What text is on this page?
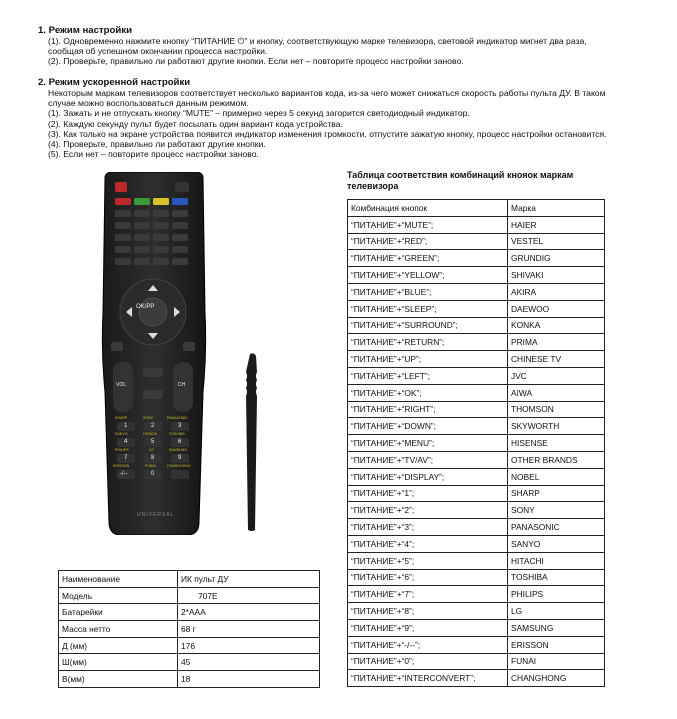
1. Режим настройки
(1). Одновременно нажмите кнопку “ПИТАНИЕ ⏻” и кнопку, соответствующую марке телевизора, световой индикатор мигнет два раза,
сообщая об успешном окончании процесса настройки.
(2). Проверьте, правильно ли работают другие кнопки. Если нет – повторите процесс настройки заново.
2. Режим ускоренной настройки
Некоторым маркам телевизоров соответствует несколько вариантов кода, из-за чего может снижаться скорость работы пульта ДУ. В таком
случае можно воспользоваться данным режимом.
(1). Зажать и не отпускать кнопку “MUTE” – примерно через 5 секунд загорится светодиодный индикатор.
(2). Каждую секунду пульт будет посылать один вариант кода устройства.
(3). Как только на экране устройства появится индикатор изменения громкости, отпустите зажатую кнопку, процесс настройки остановится.
(4). Проверьте, правильно ли работают другие кнопки.
(5). Если нет – повторите процесс настройки заново.
OK/PP
VOL	CH
SHARP	SONY	PANASONIC
SANYO	HITACHI	TOSHIBA
PHILIPS	LG	SAMSUNG
ERISSON	FUNAI	CHANGHONG
1	2	3
4	5	6
7	8	9
-/--	0
UNIVERSAL
Таблица соответствия комбинаций кнояок маркам телевизора
Комбинация кнопок	Марка
“ПИТАНИЕ”+“MUTE”;	HAIER
“ПИТАНИЕ”+“RED”;	VESTEL
“ПИТАНИЕ”+“GREEN”;	GRUNDIG
“ПИТАНИЕ”+“YELLOW”;	SHIVAKI
“ПИТАНИЕ”+“BLUE”;	AKIRA
“ПИТАНИЕ”+“SLEEP”;	DAEWOO
“ПИТАНИЕ”+“SURROUND”;	KONKA
“ПИТАНИЕ”+“RETURN”;	PRIMA
“ПИТАНИЕ”+“UP”;	CHINESE TV
“ПИТАНИЕ”+“LEFT”;	JVC
“ПИТАНИЕ”+“OK”;	AIWA
“ПИТАНИЕ”+“RIGHT”;	THOMSON
“ПИТАНИЕ”+“DOWN”;	SKYWORTH
“ПИТАНИЕ”+“MENU”;	HISENSE
“ПИТАНИЕ”+“TV/AV”;	OTHER BRANDS
“ПИТАНИЕ”+“DISPLAY”;	NOBEL
“ПИТАНИЕ”+“1”;	SHARP
“ПИТАНИЕ”+“2”;	SONY
“ПИТАНИЕ”+“3”;	PANASONIC
“ПИТАНИЕ”+“4”;	SANYO
“ПИТАНИЕ”+“5”;	HITACHI
“ПИТАНИЕ”+“6”;	TOSHIBA
“ПИТАНИЕ”+“7”;	PHILIPS
“ПИТАНИЕ”+“8”;	LG
“ПИТАНИЕ”+“9”;	SAMSUNG
“ПИТАНИЕ”+“-/--”;	ERISSON
“ПИТАНИЕ”+“0”;	FUNAI
“ПИТАНИЕ”+“INTERCONVERT”;	CHANGHONG
Наименование	ИК пульт ДУ
Модель	707E
Батарейки	2*AAA
Масса нетто	68 г
Д (мм)	176
Ш(мм)	45
В(мм)	18
